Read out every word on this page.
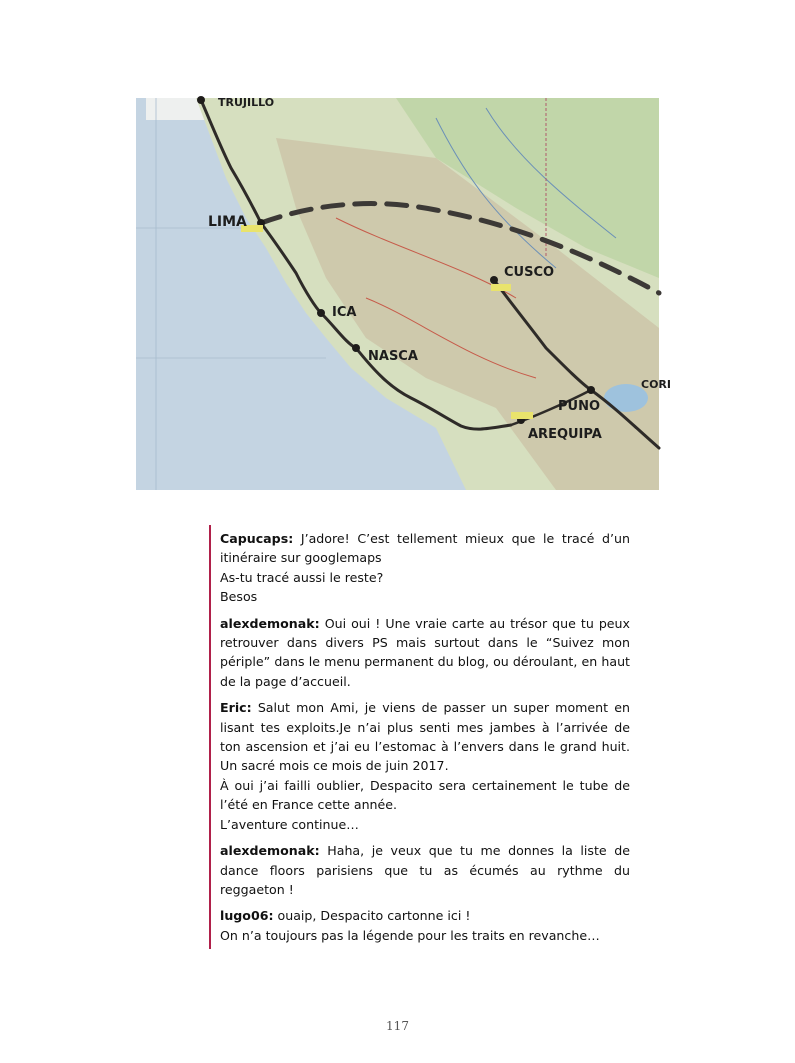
TRUJILLO
LIMA
ICA
NASCA
CUSCO
PUNO
AREQUIPA
CORI

Capucaps: J’adore! C’est tellement mieux que le tracé d’un itinéraire sur googlemaps

As-tu tracé aussi le reste?

Besos

alexdemonak: Oui oui ! Une vraie carte au trésor que tu peux retrouver dans divers PS mais surtout dans le “Suivez mon périple” dans le menu permanent du blog, ou déroulant, en haut de la page d’accueil.

Eric: Salut mon Ami, je viens de passer un super moment en lisant tes exploits.Je n’ai plus senti mes jambes à l’arrivée de ton ascension et j’ai eu l’estomac à l’envers dans le grand huit. Un sacré mois ce mois de juin 2017.

À oui j’ai failli oublier, Despacito sera certainement le tube de l’été en France cette année.

L’aventure continue…

alexdemonak: Haha, je veux que tu me donnes la liste de dance floors parisiens que tu as écumés au rythme du reggaeton !

lugo06: ouaip, Despacito cartonne ici !

On n’a toujours pas la légende pour les traits en revanche…

117
